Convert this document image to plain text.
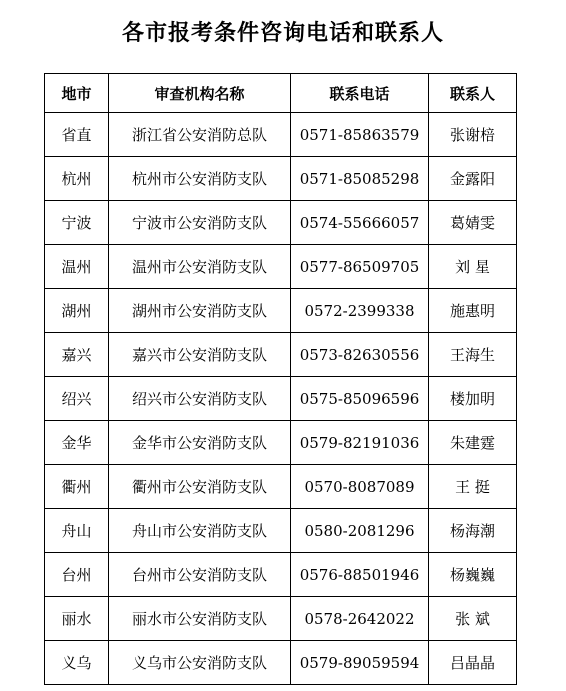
各市报考条件咨询电话和联系人
地市	审查机构名称	联系电话	联系人
省直	浙江省公安消防总队	0571-85863579	张谢棓
杭州	杭州市公安消防支队	0571-85085298	金露阳
宁波	宁波市公安消防支队	0574-55666057	葛婧雯
温州	温州市公安消防支队	0577-86509705	刘 星
湖州	湖州市公安消防支队	0572-2399338	施惠明
嘉兴	嘉兴市公安消防支队	0573-82630556	王海生
绍兴	绍兴市公安消防支队	0575-85096596	楼加明
金华	金华市公安消防支队	0579-82191036	朱建霆
衢州	衢州市公安消防支队	0570-8087089	王 挺
舟山	舟山市公安消防支队	0580-2081296	杨海潮
台州	台州市公安消防支队	0576-88501946	杨巍巍
丽水	丽水市公安消防支队	0578-2642022	张 斌
义乌	义乌市公安消防支队	0579-89059594	吕晶晶
